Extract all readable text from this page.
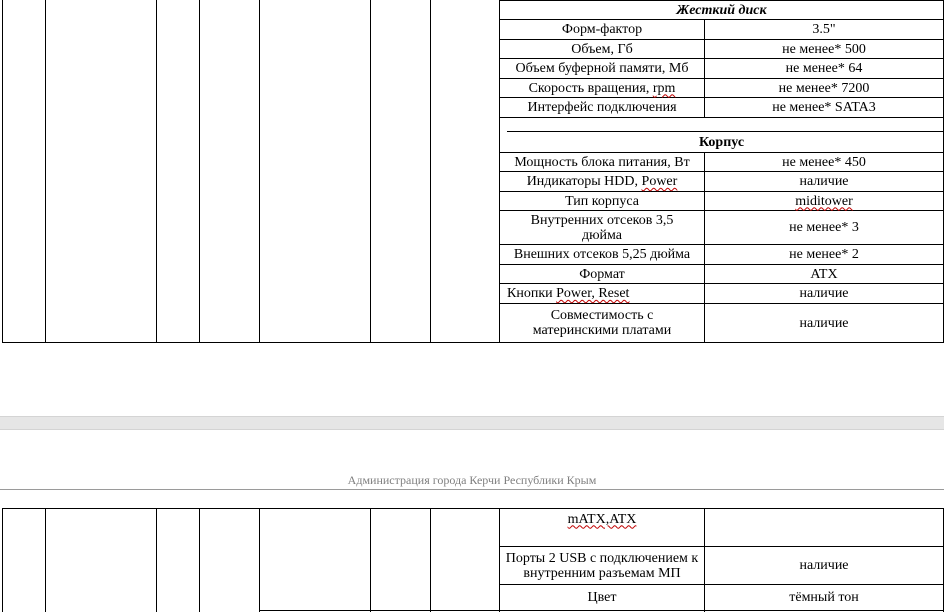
Жесткий диск
Форм-фактор	3.5"
Объем, Гб	не менее* 500
Объем буферной памяти, Мб	не менее* 64
Скорость вращения, rpm	не менее* 7200
Интерфейс подключения	не менее* SATA3
Корпус
Мощность блока питания, Вт	не менее* 450
Индикаторы HDD, Power	наличие
Тип корпуса	miditower
Внутренних отсеков 3,5 дюйма	не менее* 3
Внешних отсеков 5,25 дюйма	не менее* 2
Формат	ATX
Кнопки Power, Reset	наличие
Совместимость с материнскими платами	наличие
Администрация города Керчи Республики Крым
mATX,ATX
Порты 2 USB с подключением к внутренним разъемам МП	наличие
Цвет	тёмный тон
